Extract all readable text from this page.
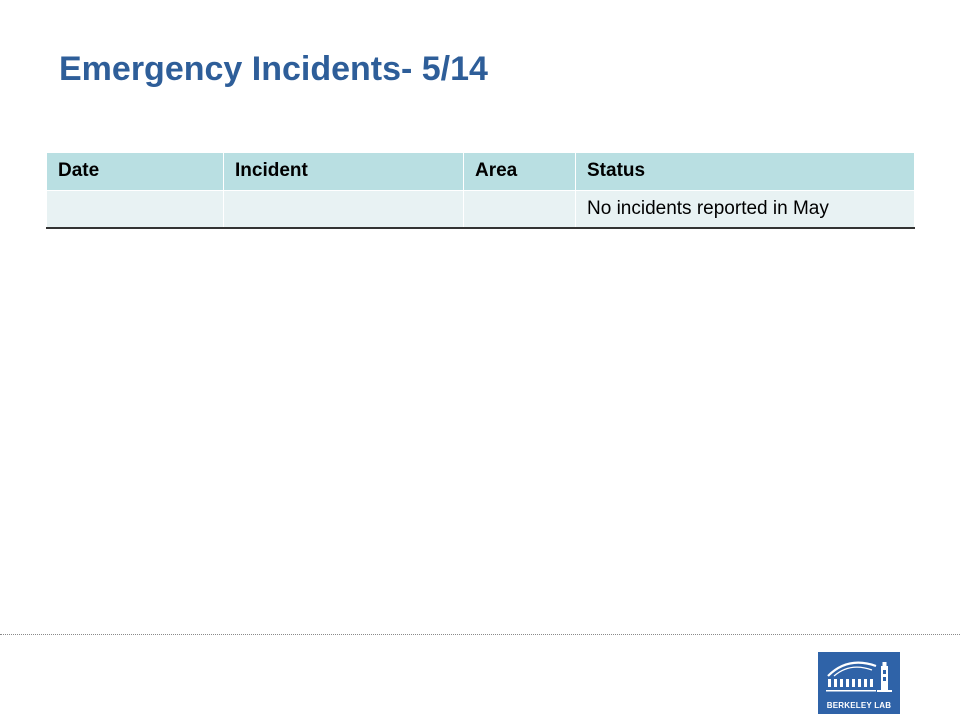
Emergency Incidents- 5/14
Date	Incident	Area	Status
			No incidents reported in May
BERKELEY LAB
